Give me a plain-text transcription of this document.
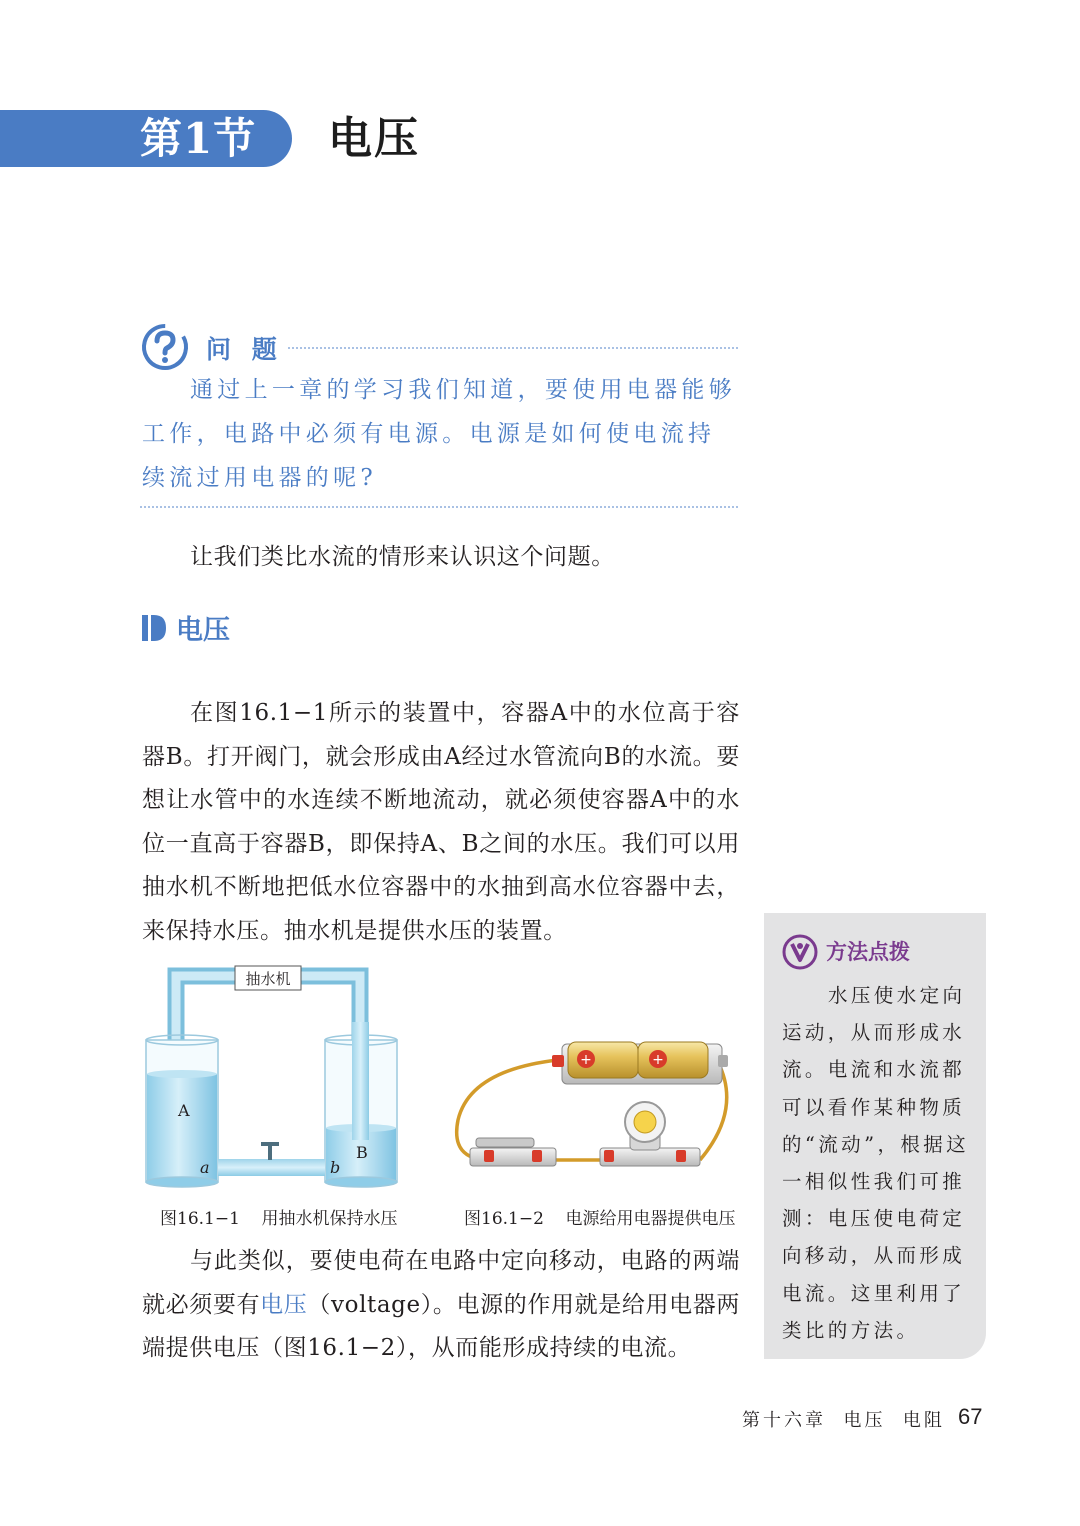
第1节	电压
问 题
通过上一章的学习我们知道，要使用电器能够工作，电路中必须有电源。电源是如何使电流持续流过用电器的呢?
让我们类比水流的情形来认识这个问题。
电压
在图16.1−1所示的装置中，容器A中的水位高于容器B。打开阀门，就会形成由A经过水管流向B的水流。要想让水管中的水连续不断地流动，就必须使容器A中的水位一直高于容器B，即保持A、B之间的水压。我们可以用抽水机不断地把低水位容器中的水抽到高水位容器中去，来保持水压。抽水机是提供水压的装置。
抽水机
A
B
a	b
图16.1−1    用抽水机保持水压
+	+
图16.1−2    电源给用电器提供电压
与此类似，要使电荷在电路中定向移动，电路的两端就必须要有电压（voltage）。电源的作用就是给用电器两端提供电压（图16.1−2），从而能形成持续的电流。
方法点拨
水压使水定向运动，从而形成水流。电流和水流都可以看作某种物质的“流动”，根据这一相似性我们可推测：电压使电荷定向移动，从而形成电流。这里利用了类比的方法。
第十六章  电压  电阻 67
